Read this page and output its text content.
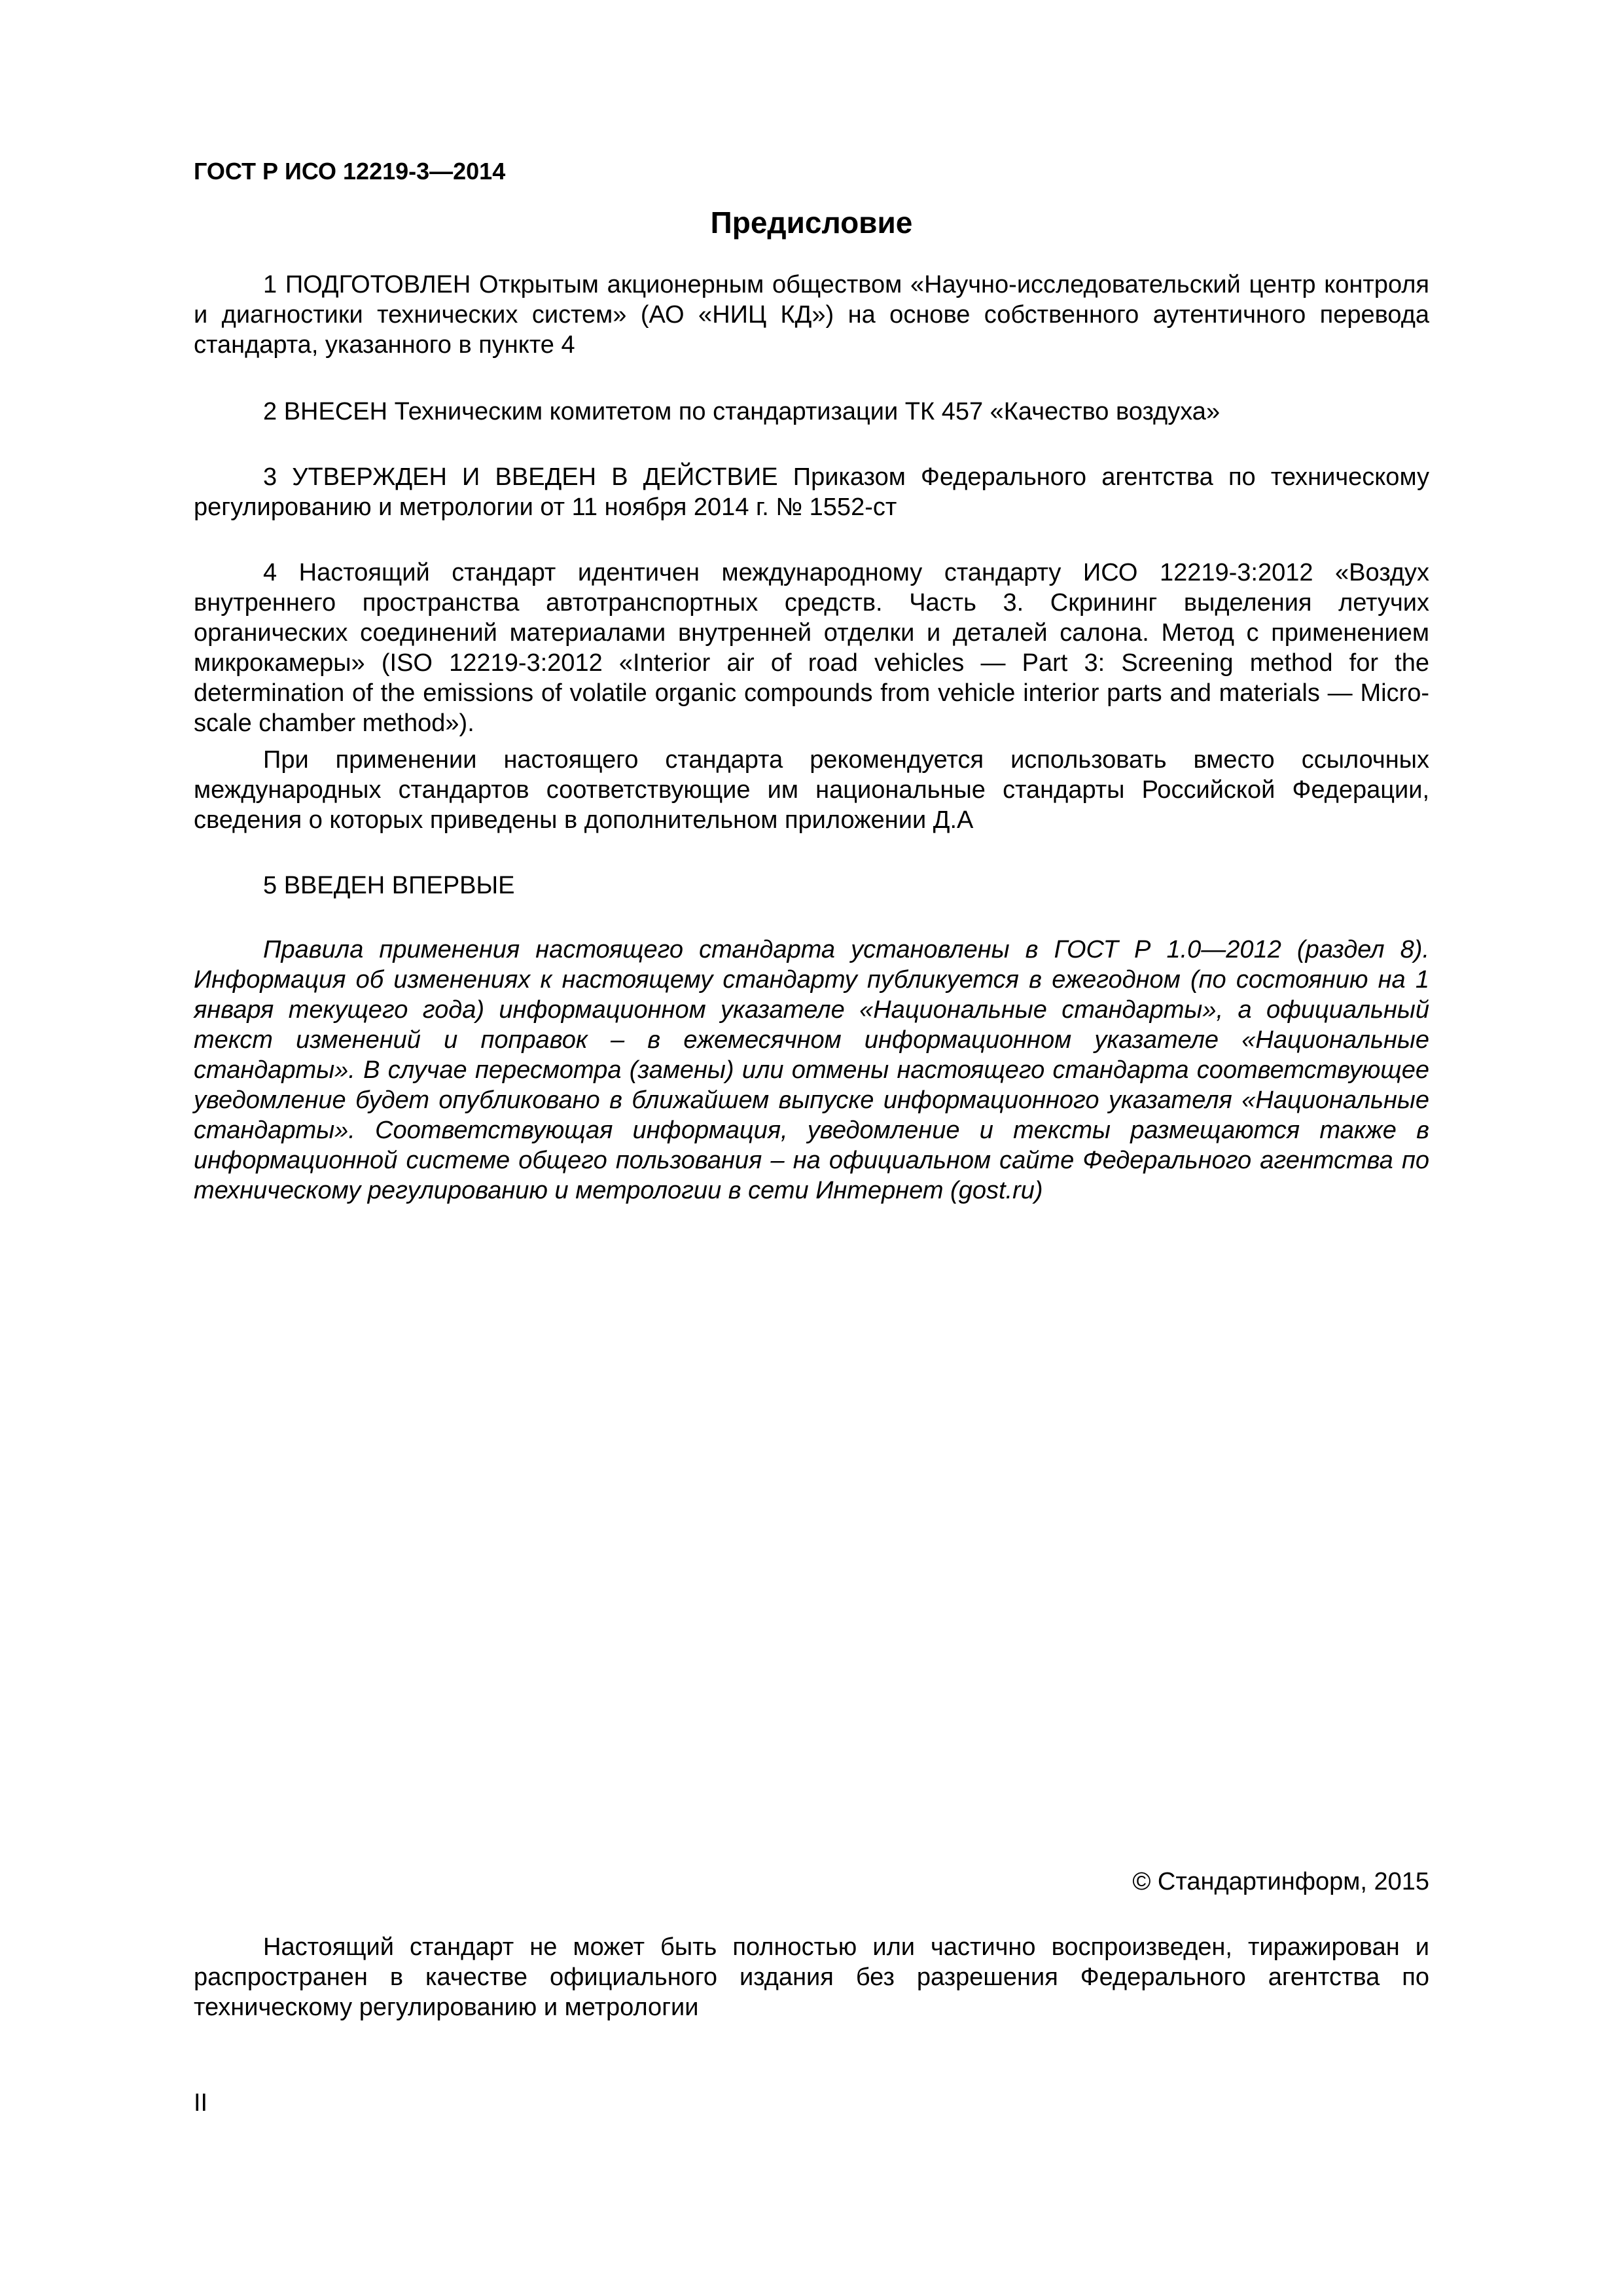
ГОСТ Р ИСО 12219-3—2014
Предисловие

1 ПОДГОТОВЛЕН Открытым акционерным обществом «Научно-исследовательский центр контроля и диагностики технических систем» (АО «НИЦ КД») на основе собственного аутентичного перевода стандарта, указанного в пункте 4

2 ВНЕСЕН Техническим комитетом по стандартизации ТК 457 «Качество воздуха»

3 УТВЕРЖДЕН И ВВЕДЕН В ДЕЙСТВИЕ Приказом Федерального агентства по техническому регулированию и метрологии от 11 ноября 2014 г. № 1552-ст

4 Настоящий стандарт идентичен международному стандарту ИСО 12219-3:2012 «Воздух внутреннего пространства автотранспортных средств. Часть 3. Скрининг выделения летучих органических соединений материалами внутренней отделки и деталей салона. Метод с применением микрокамеры» (ISO 12219-3:2012 «Interior air of road vehicles — Part 3: Screening method for the determination of the emissions of volatile organic compounds from vehicle interior parts and materials — Micro-scale chamber method»).

При применении настоящего стандарта рекомендуется использовать вместо ссылочных международных стандартов соответствующие им национальные стандарты Российской Федерации, сведения о которых приведены в дополнительном приложении Д.А

5 ВВЕДЕН ВПЕРВЫЕ

Правила применения настоящего стандарта установлены в ГОСТ Р 1.0—2012 (раздел 8). Информация об изменениях к настоящему стандарту публикуется в ежегодном (по состоянию на 1 января текущего года) информационном указателе «Национальные стандарты», а официальный текст изменений и поправок – в ежемесячном информационном указателе «Национальные стандарты». В случае пересмотра (замены) или отмены настоящего стандарта соответствующее уведомление будет опубликовано в ближайшем выпуске информационного указателя «Национальные стандарты». Соответствующая информация, уведомление и тексты размещаются также в информационной системе общего пользования – на официальном сайте Федерального агентства по техническому регулированию и метрологии в сети Интернет (gost.ru)

© Стандартинформ, 2015

Настоящий стандарт не может быть полностью или частично воспроизведен, тиражирован и распространен в качестве официального издания без разрешения Федерального агентства по техническому регулированию и метрологии

II
